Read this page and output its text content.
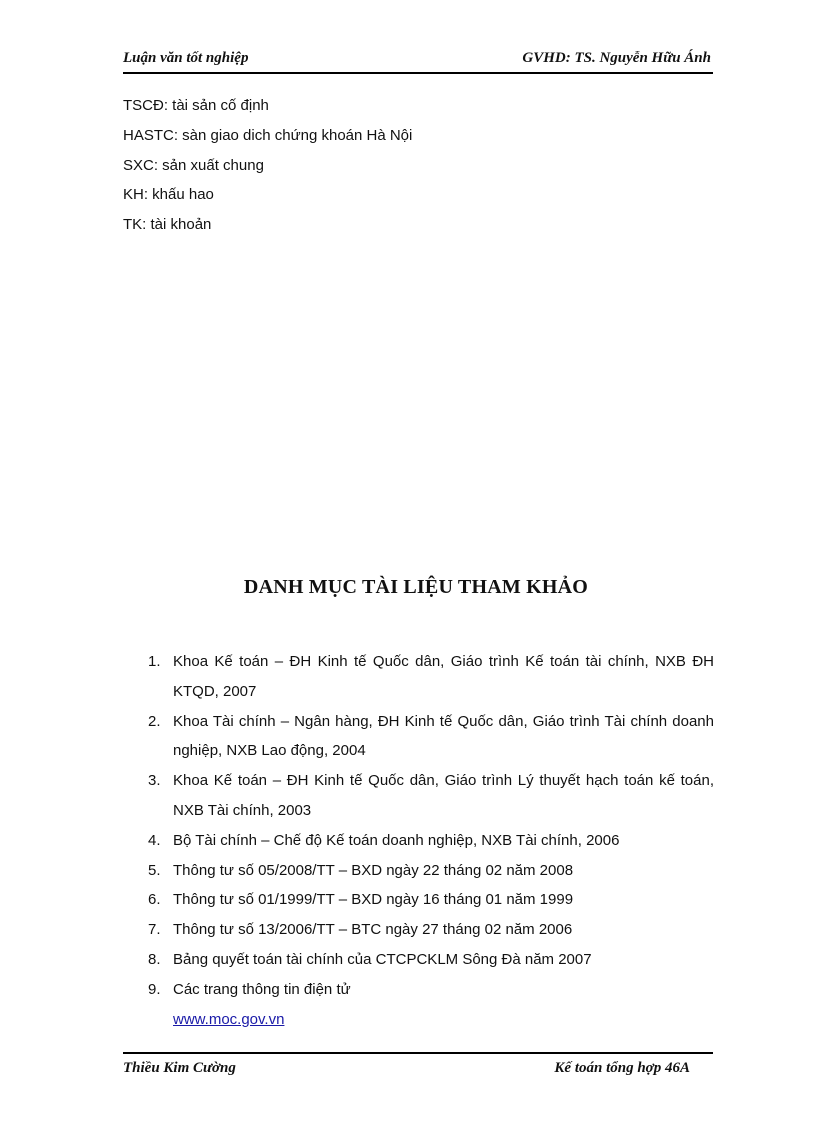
Luận văn tốt nghiệp	GVHD: TS. Nguyễn Hữu Ánh
TSCĐ: tài sản cố định
HASTC: sàn giao dich chứng khoán Hà Nội
SXC: sản xuất chung
KH: khấu hao
TK: tài khoản
DANH MỤC TÀI LIỆU THAM KHẢO
1. Khoa Kế toán – ĐH Kinh tế Quốc dân, Giáo trình Kế toán tài chính, NXB ĐH KTQD, 2007
2. Khoa Tài chính – Ngân hàng, ĐH Kinh tế Quốc dân, Giáo trình Tài chính doanh nghiệp, NXB Lao động, 2004
3. Khoa Kế toán – ĐH Kinh tế Quốc dân, Giáo trình Lý thuyết hạch toán kế toán, NXB Tài chính, 2003
4. Bộ Tài chính – Chế độ Kế toán doanh nghiệp, NXB Tài chính, 2006
5. Thông tư số 05/2008/TT – BXD ngày 22 tháng 02 năm 2008
6. Thông tư số 01/1999/TT – BXD ngày 16 tháng 01 năm 1999
7. Thông tư số 13/2006/TT – BTC ngày 27 tháng 02 năm 2006
8. Bảng quyết toán tài chính của CTCPCKLM Sông Đà năm 2007
9. Các trang thông tin điện tử
www.moc.gov.vn
Thiều Kim Cường	Kế toán tổng hợp 46A
